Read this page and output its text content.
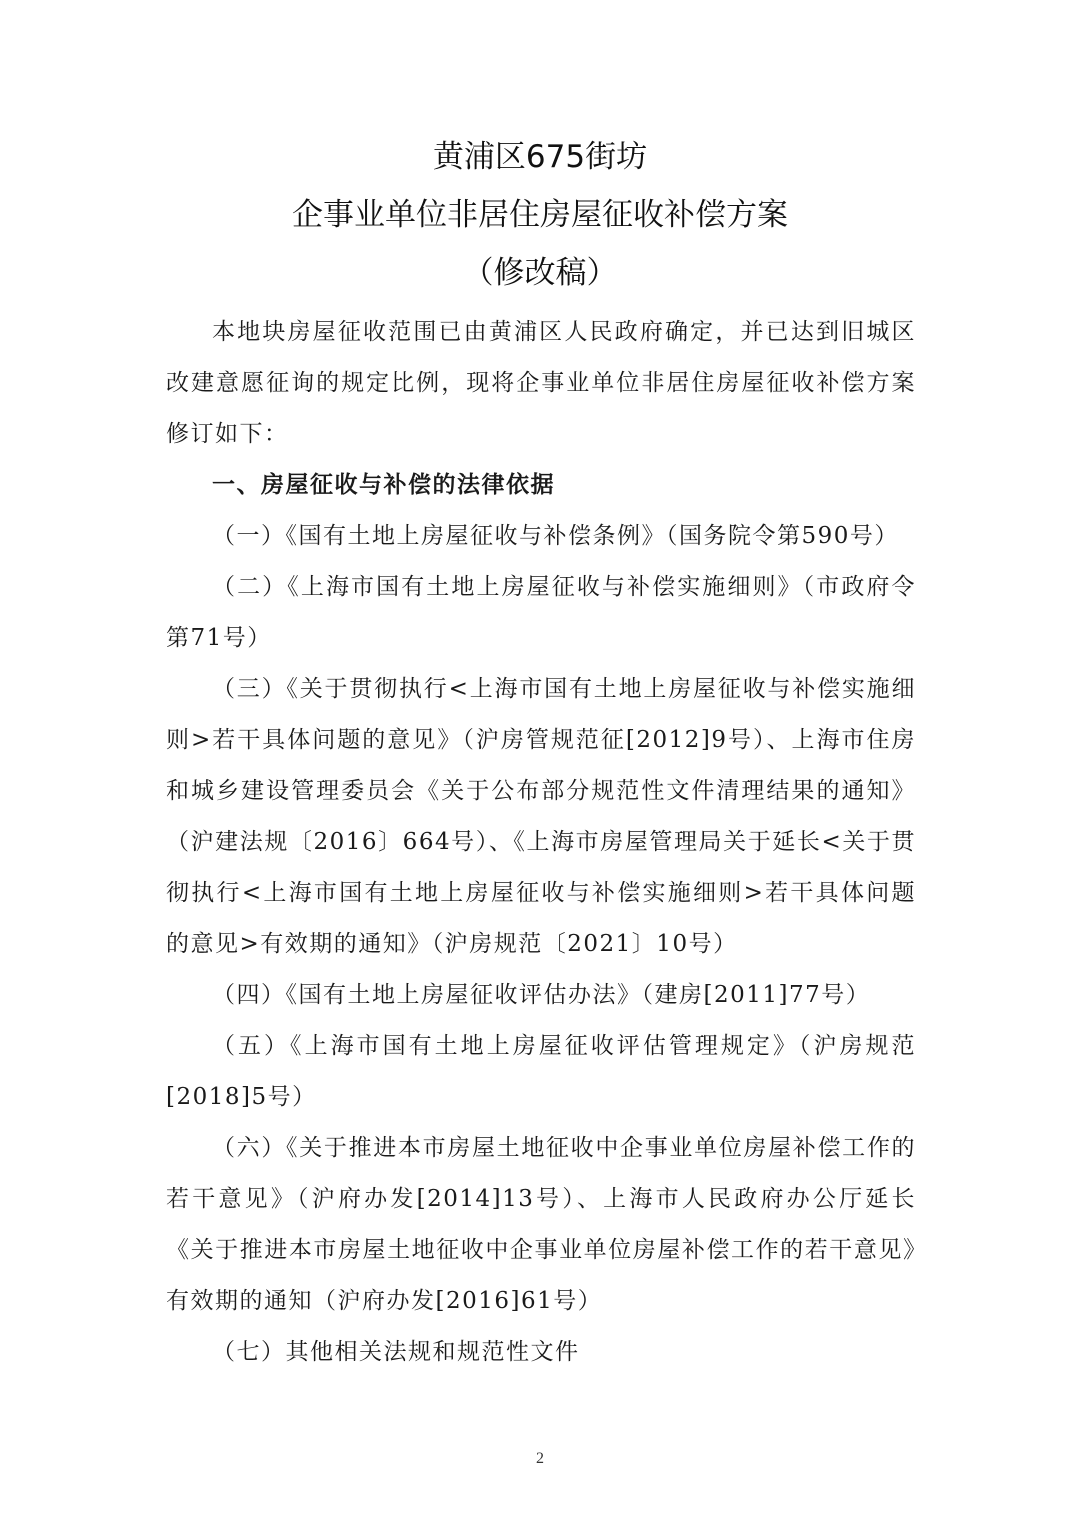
黄浦区675街坊
企事业单位非居住房屋征收补偿方案
（修改稿）

本地块房屋征收范围已由黄浦区人民政府确定，并已达到旧城区改建意愿征询的规定比例，现将企事业单位非居住房屋征收补偿方案修订如下：

一、房屋征收与补偿的法律依据

（一）《国有土地上房屋征收与补偿条例》（国务院令第590号）

（二）《上海市国有土地上房屋征收与补偿实施细则》（市政府令第71号）

（三）《关于贯彻执行<上海市国有土地上房屋征收与补偿实施细则>若干具体问题的意见》（沪房管规范征[2012]9号）、上海市住房和城乡建设管理委员会《关于公布部分规范性文件清理结果的通知》（沪建法规〔2016〕664号）、《上海市房屋管理局关于延长<关于贯彻执行<上海市国有土地上房屋征收与补偿实施细则>若干具体问题的意见>有效期的通知》（沪房规范〔2021〕10号）

（四）《国有土地上房屋征收评估办法》（建房[2011]77号）

（五）《上海市国有土地上房屋征收评估管理规定》（沪房规范[2018]5号）

（六）《关于推进本市房屋土地征收中企事业单位房屋补偿工作的若干意见》（沪府办发[2014]13号）、上海市人民政府办公厅延长《关于推进本市房屋土地征收中企事业单位房屋补偿工作的若干意见》有效期的通知（沪府办发[2016]61号）

（七）其他相关法规和规范性文件

2
